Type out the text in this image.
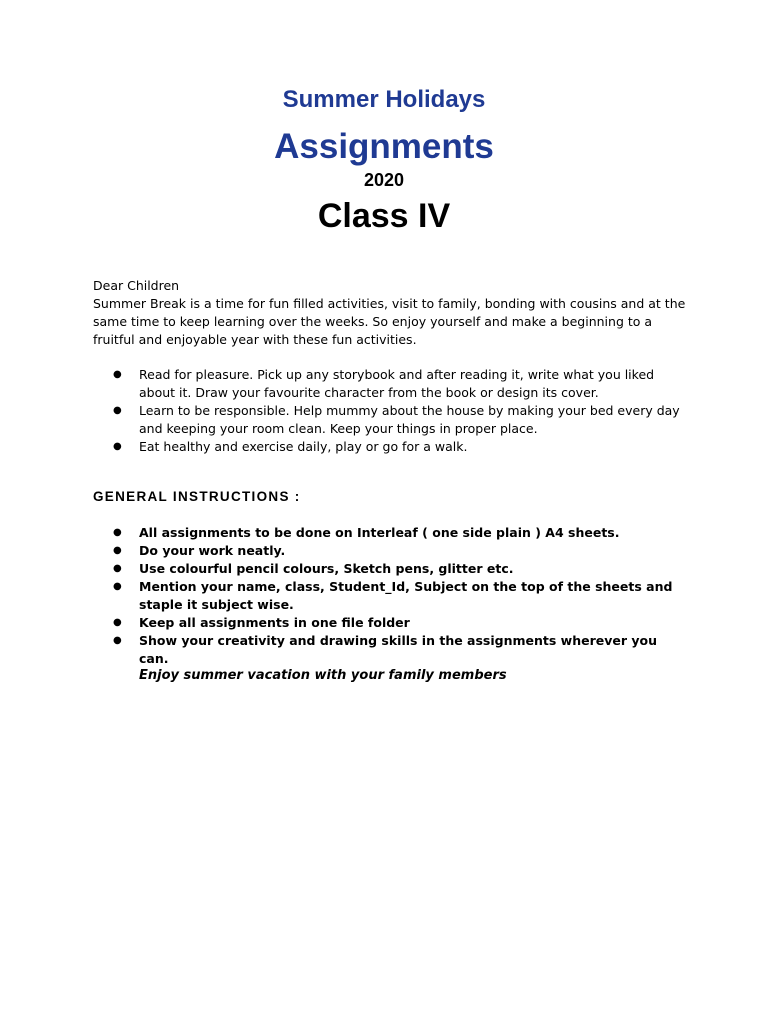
Summer Holidays
Assignments
2020
Class IV

Dear Children

Summer Break is a time for fun filled activities, visit to family, bonding with cousins and at the same time to keep learning over the weeks. So enjoy yourself and make a beginning to a fruitful and enjoyable year with these fun activities.

● Read for pleasure. Pick up any storybook and after reading it, write what you liked about it. Draw your favourite character from the book or design its cover.
● Learn to be responsible. Help mummy about the house by making your bed every day and keeping your room clean. Keep your things in proper place.
● Eat healthy and exercise daily, play or go for a walk.
GENERAL INSTRUCTIONS :
● All assignments to be done on Interleaf ( one side plain ) A4 sheets.
● Do your work neatly.
● Use colourful pencil colours, Sketch pens, glitter etc.
● Mention your name, class, Student_Id, Subject on the top of the sheets and staple it subject wise.
● Keep all assignments in one file folder
● Show your creativity and drawing skills in the assignments wherever you can.
Enjoy summer vacation with your family members
